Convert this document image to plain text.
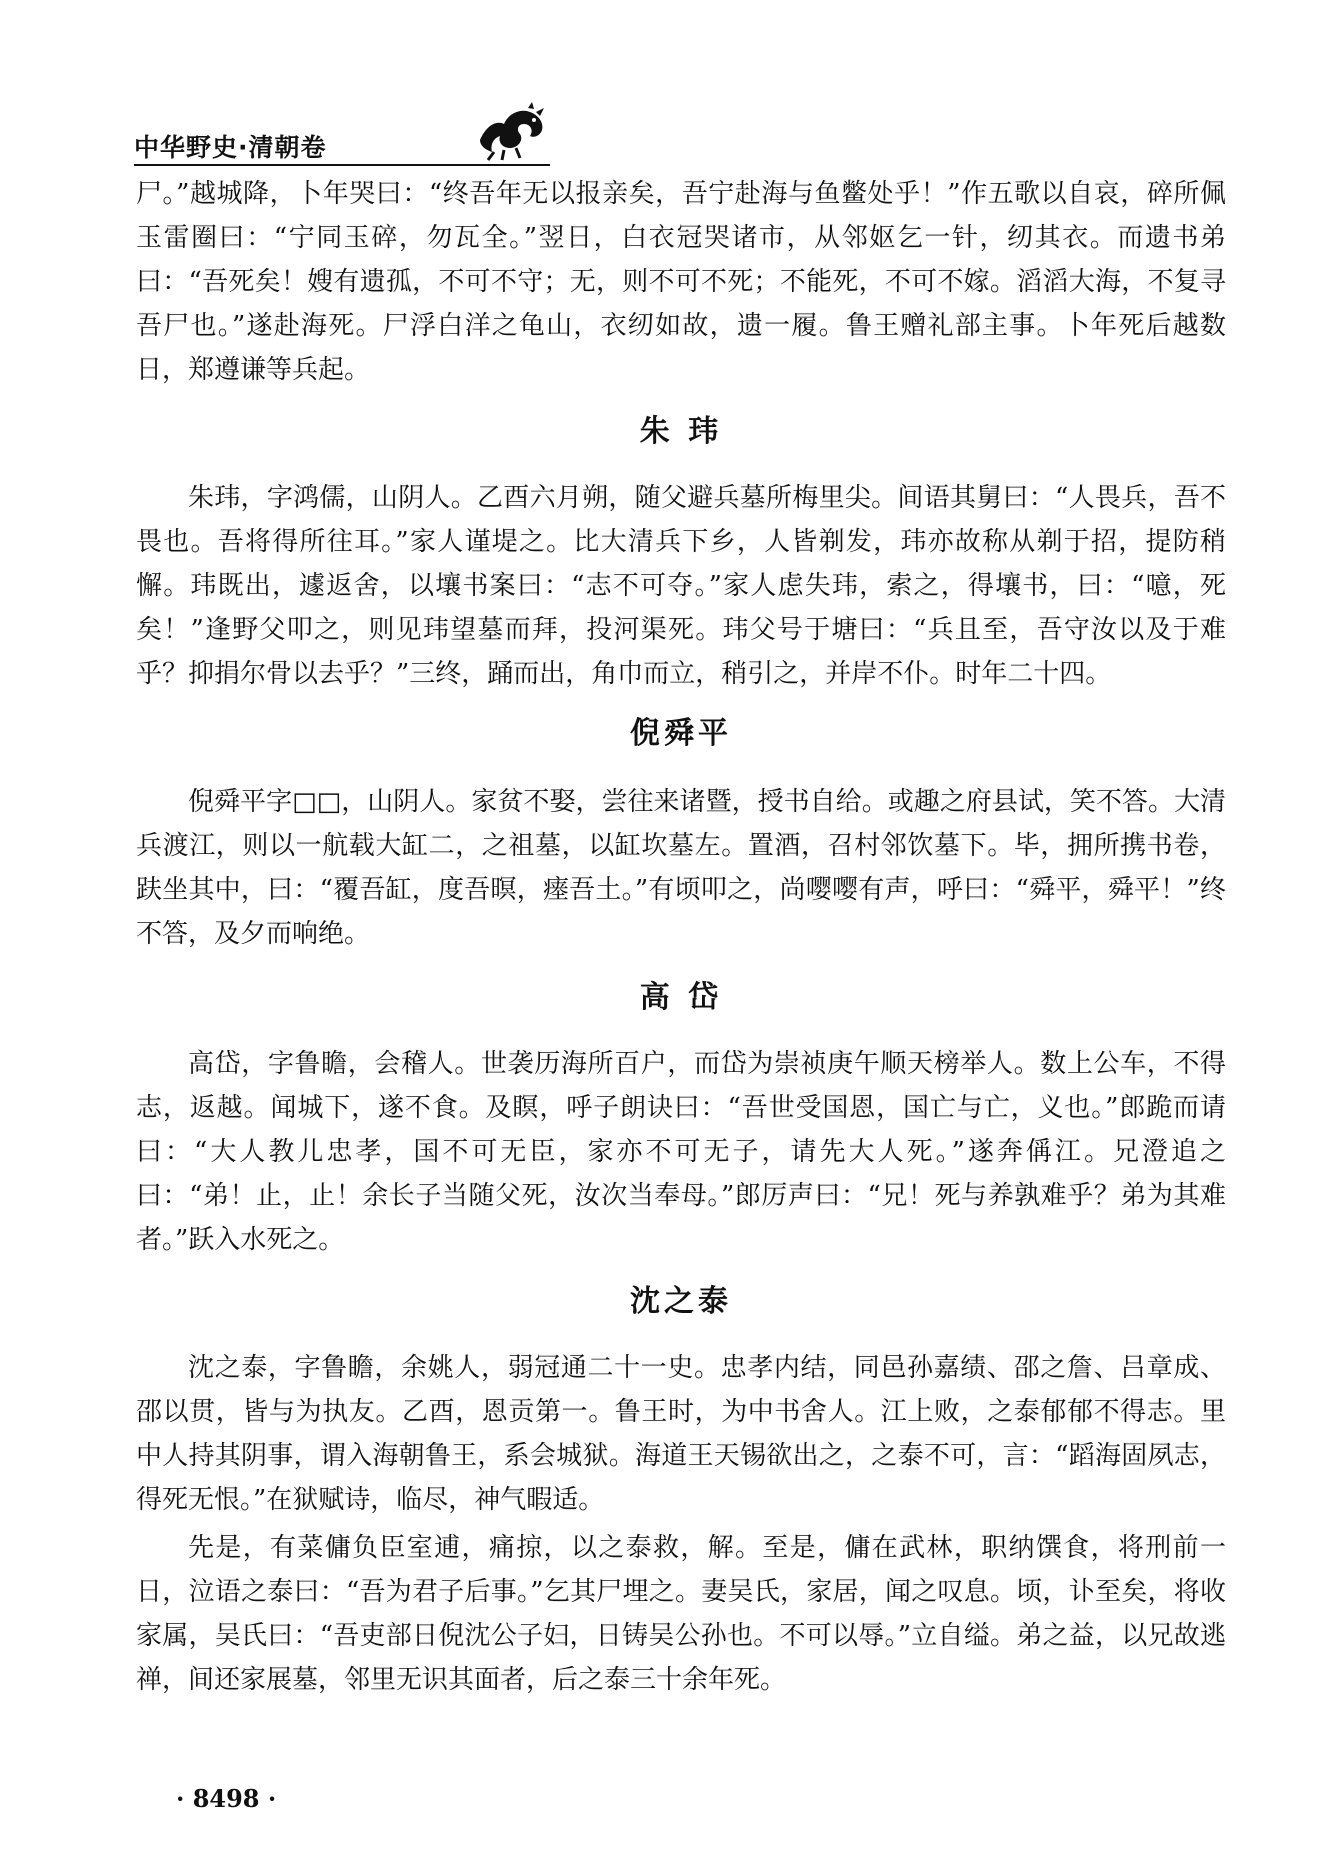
中华野史·清朝卷

尸。”越城降，卜年哭曰：“终吾年无以报亲矣，吾宁赴海与鱼鳖处乎！”作五歌以自哀，碎所佩玉雷圈曰：“宁同玉碎，勿瓦全。”翌日，白衣冠哭诸市，从邻妪乞一针，纫其衣。而遗书弟曰：“吾死矣！嫂有遗孤，不可不守；无，则不可不死；不能死，不可不嫁。滔滔大海，不复寻吾尸也。”遂赴海死。尸浮白洋之龟山，衣纫如故，遗一履。鲁王赠礼部主事。卜年死后越数日，郑遵谦等兵起。

朱 玮

朱玮，字鸿儒，山阴人。乙酉六月朔，随父避兵墓所梅里尖。间语其舅曰：“人畏兵，吾不畏也。吾将得所往耳。”家人谨堤之。比大清兵下乡，人皆剃发，玮亦故称从剃于招，提防稍懈。玮既出，遽返舍，以壤书案曰：“志不可夺。”家人虑失玮，索之，得壤书，曰：“噫，死矣！”逢野父叩之，则见玮望墓而拜，投河渠死。玮父号于塘曰：“兵且至，吾守汝以及于难乎？抑捐尔骨以去乎？”三终，踊而出，角巾而立，稍引之，并岸不仆。时年二十四。

倪舜平

倪舜平字□□，山阴人。家贫不娶，尝往来诸暨，授书自给。或趣之府县试，笑不答。大清兵渡江，则以一航载大缸二，之祖墓，以缸坎墓左。置酒，召村邻饮墓下。毕，拥所携书卷，趺坐其中，曰：“覆吾缸，度吾暝，瘗吾土。”有顷叩之，尚嘤嘤有声，呼曰：“舜平，舜平！”终不答，及夕而响绝。

高 岱

高岱，字鲁瞻，会稽人。世袭历海所百户，而岱为崇祯庚午顺天榜举人。数上公车，不得志，返越。闻城下，遂不食。及瞑，呼子朗诀曰：“吾世受国恩，国亡与亡，义也。”郎跪而请曰：“大人教儿忠孝，国不可无臣，家亦不可无子，请先大人死。”遂奔偁江。兄澄追之曰：“弟！止，止！余长子当随父死，汝次当奉母。”郎厉声曰：“兄！死与养孰难乎？弟为其难者。”跃入水死之。

沈之泰

沈之泰，字鲁瞻，余姚人，弱冠通二十一史。忠孝内结，同邑孙嘉绩、邵之詹、吕章成、邵以贯，皆与为执友。乙酉，恩贡第一。鲁王时，为中书舍人。江上败，之泰郁郁不得志。里中人持其阴事，谓入海朝鲁王，系会城狱。海道王天锡欲出之，之泰不可，言：“蹈海固夙志，得死无恨。”在狱赋诗，临尽，神气暇适。

先是，有菜傭负臣室逋，痛掠，以之泰救，解。至是，傭在武林，职纳馔食，将刑前一日，泣语之泰曰：“吾为君子后事。”乞其尸埋之。妻吴氏，家居，闻之叹息。顷，讣至矣，将收家属，吴氏曰：“吾吏部日倪沈公子妇，日铸吴公孙也。不可以辱。”立自缢。弟之益，以兄故逃禅，间还家展墓，邻里无识其面者，后之泰三十余年死。

· 8498 ·
